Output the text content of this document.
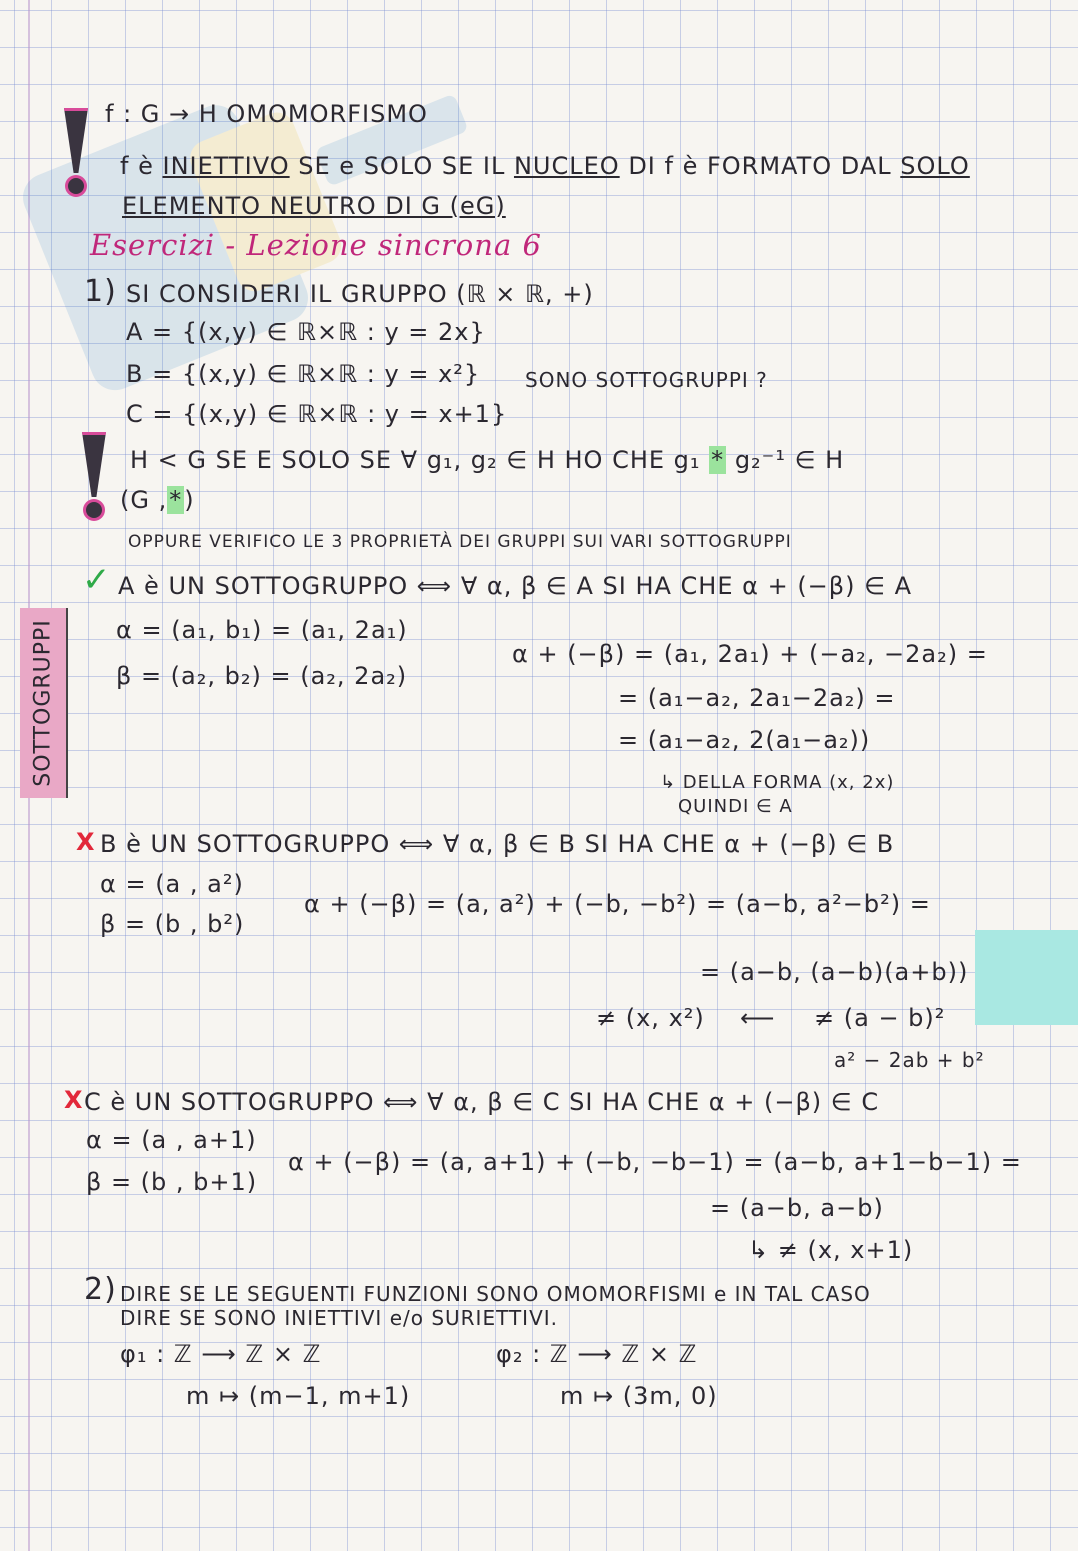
SOTTOGRUPPI
f : G → H OMOMORFISMO
f è INIETTIVO SE e SOLO SE IL NUCLEO DI f è FORMATO DAL SOLO
ELEMENTO NEUTRO DI G (eG)
Esercizi - Lezione sincrona 6
1) SI CONSIDERI IL GRUPPO (ℝ × ℝ, +)
A = {(x,y) ∈ ℝ×ℝ : y = 2x}
B = {(x,y) ∈ ℝ×ℝ : y = x²} SONO SOTTOGRUPPI ?
C = {(x,y) ∈ ℝ×ℝ : y = x+1}
H < G SE E SOLO SE ∀ g₁, g₂ ∈ H HO CHE g₁ * g₂⁻¹ ∈ H
(G ,*)
OPPURE VERIFICO LE 3 PROPRIETÀ DEI GRUPPI SUI VARI SOTTOGRUPPI
✓ A è UN SOTTOGRUPPO ⟺ ∀ α, β ∈ A SI HA CHE α + (−β) ∈ A
α = (a₁, b₁) = (a₁, 2a₁)
β = (a₂, b₂) = (a₂, 2a₂)
α + (−β) = (a₁, 2a₁) + (−a₂, −2a₂) =
= (a₁−a₂, 2a₁−2a₂) =
= (a₁−a₂, 2(a₁−a₂))
↳ DELLA FORMA (x, 2x)
QUINDI ∈ A
X B è UN SOTTOGRUPPO ⟺ ∀ α, β ∈ B SI HA CHE α + (−β) ∈ B
α = (a , a²)
β = (b , b²)
α + (−β) = (a, a²) + (−b, −b²) = (a−b, a²−b²) =
= (a−b, (a−b)(a+b))
≠ (x, x²) ⟵ ≠ (a − b)²
a² − 2ab + b²
X C è UN SOTTOGRUPPO ⟺ ∀ α, β ∈ C SI HA CHE α + (−β) ∈ C
α = (a , a+1)
β = (b , b+1)
α + (−β) = (a, a+1) + (−b, −b−1) = (a−b, a+1−b−1) =
= (a−b, a−b)
↳ ≠ (x, x+1)
2) DIRE SE LE SEGUENTI FUNZIONI SONO OMOMORFISMI e IN TAL CASO
DIRE SE SONO INIETTIVI e/o SURIETTIVI.
φ₁ : ℤ ⟶ ℤ × ℤ
m ↦ (m−1, m+1)
φ₂ : ℤ ⟶ ℤ × ℤ
m ↦ (3m, 0)
